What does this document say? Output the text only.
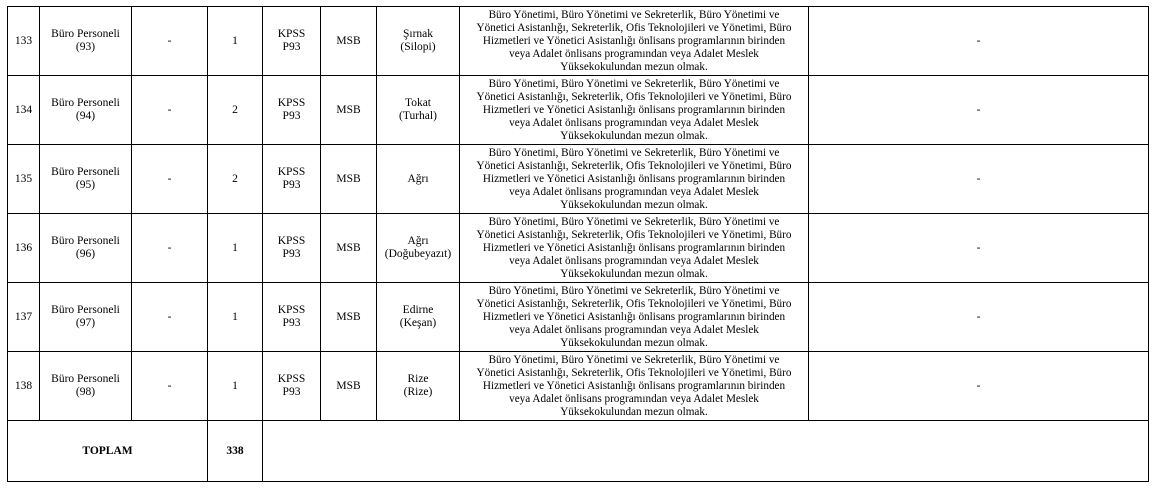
133	Büro Personeli
(93)	-	1	KPSS
P93	MSB	Şırnak
(Silopi)	Büro Yönetimi, Büro Yönetimi ve Sekreterlik, Büro Yönetimi ve
Yönetici Asistanlığı, Sekreterlik, Ofis Teknolojileri ve Yönetimi, Büro
Hizmetleri ve Yönetici Asistanlığı önlisans programlarının birinden
veya Adalet önlisans programından veya Adalet Meslek
Yüksekokulundan mezun olmak.	-
134	Büro Personeli
(94)	-	2	KPSS
P93	MSB	Tokat
(Turhal)	Büro Yönetimi, Büro Yönetimi ve Sekreterlik, Büro Yönetimi ve
Yönetici Asistanlığı, Sekreterlik, Ofis Teknolojileri ve Yönetimi, Büro
Hizmetleri ve Yönetici Asistanlığı önlisans programlarının birinden
veya Adalet önlisans programından veya Adalet Meslek
Yüksekokulundan mezun olmak.	-
135	Büro Personeli
(95)	-	2	KPSS
P93	MSB	Ağrı	Büro Yönetimi, Büro Yönetimi ve Sekreterlik, Büro Yönetimi ve
Yönetici Asistanlığı, Sekreterlik, Ofis Teknolojileri ve Yönetimi, Büro
Hizmetleri ve Yönetici Asistanlığı önlisans programlarının birinden
veya Adalet önlisans programından veya Adalet Meslek
Yüksekokulundan mezun olmak.	-
136	Büro Personeli
(96)	-	1	KPSS
P93	MSB	Ağrı
(Doğubeyazıt)	Büro Yönetimi, Büro Yönetimi ve Sekreterlik, Büro Yönetimi ve
Yönetici Asistanlığı, Sekreterlik, Ofis Teknolojileri ve Yönetimi, Büro
Hizmetleri ve Yönetici Asistanlığı önlisans programlarının birinden
veya Adalet önlisans programından veya Adalet Meslek
Yüksekokulundan mezun olmak.	-
137	Büro Personeli
(97)	-	1	KPSS
P93	MSB	Edirne
(Keşan)	Büro Yönetimi, Büro Yönetimi ve Sekreterlik, Büro Yönetimi ve
Yönetici Asistanlığı, Sekreterlik, Ofis Teknolojileri ve Yönetimi, Büro
Hizmetleri ve Yönetici Asistanlığı önlisans programlarının birinden
veya Adalet önlisans programından veya Adalet Meslek
Yüksekokulundan mezun olmak.	-
138	Büro Personeli
(98)	-	1	KPSS
P93	MSB	Rize
(Rize)	Büro Yönetimi, Büro Yönetimi ve Sekreterlik, Büro Yönetimi ve
Yönetici Asistanlığı, Sekreterlik, Ofis Teknolojileri ve Yönetimi, Büro
Hizmetleri ve Yönetici Asistanlığı önlisans programlarının birinden
veya Adalet önlisans programından veya Adalet Meslek
Yüksekokulundan mezun olmak.	-
TOPLAM			338					
